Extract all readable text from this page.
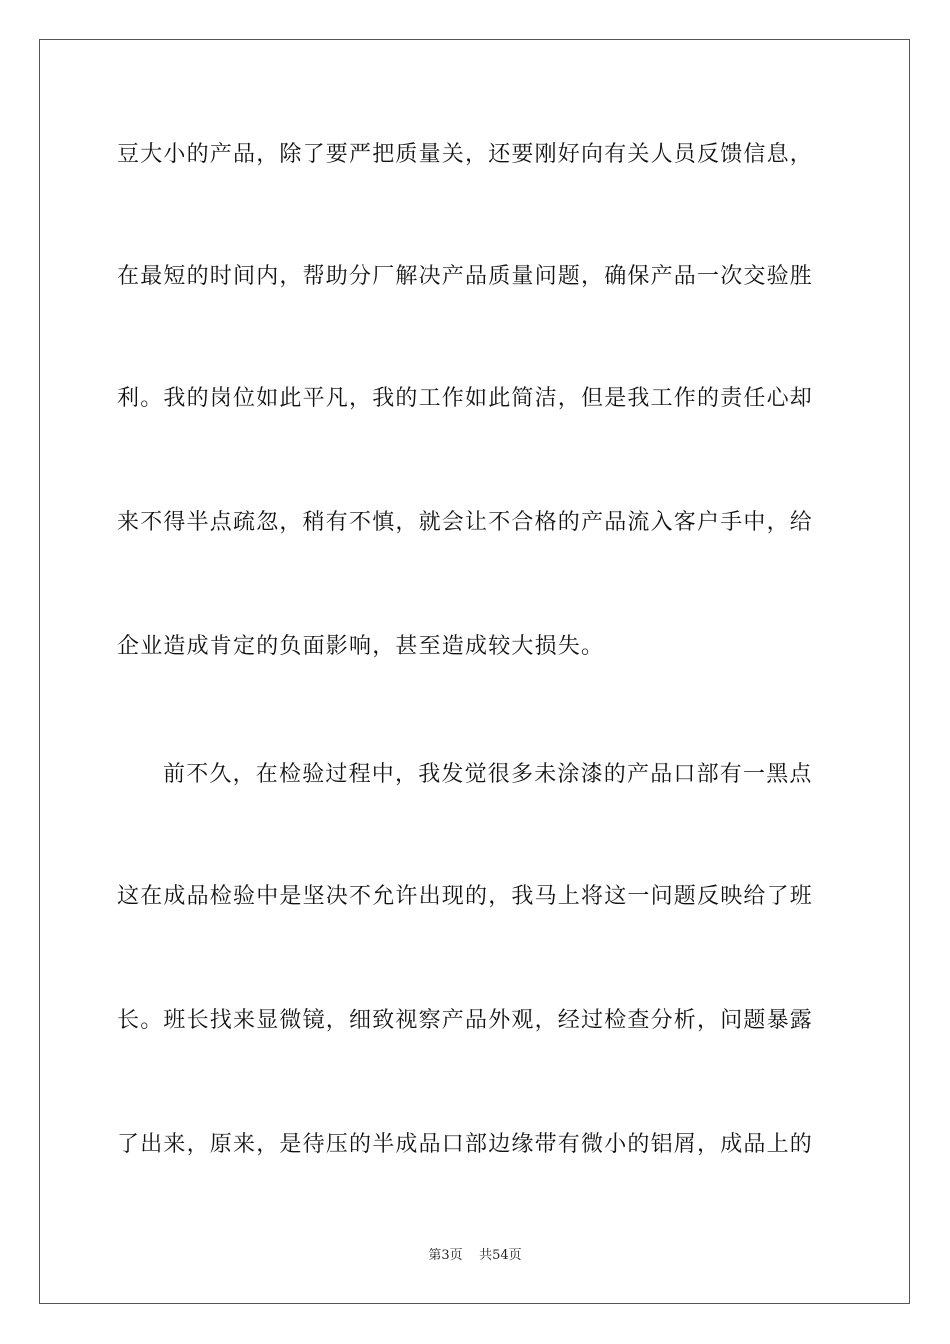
豆大小的产品，除了要严把质量关，还要刚好向有关人员反馈信息，
在最短的时间内，帮助分厂解决产品质量问题，确保产品一次交验胜
利。我的岗位如此平凡，我的工作如此简洁，但是我工作的责任心却
来不得半点疏忽，稍有不慎，就会让不合格的产品流入客户手中，给
企业造成肯定的负面影响，甚至造成较大损失。
前不久，在检验过程中，我发觉很多未涂漆的产品口部有一黑点
这在成品检验中是坚决不允许出现的，我马上将这一问题反映给了班
长。班长找来显微镜，细致视察产品外观，经过检查分析，问题暴露
了出来，原来，是待压的半成品口部边缘带有微小的铝屑，成品上的
第3页 共54页
